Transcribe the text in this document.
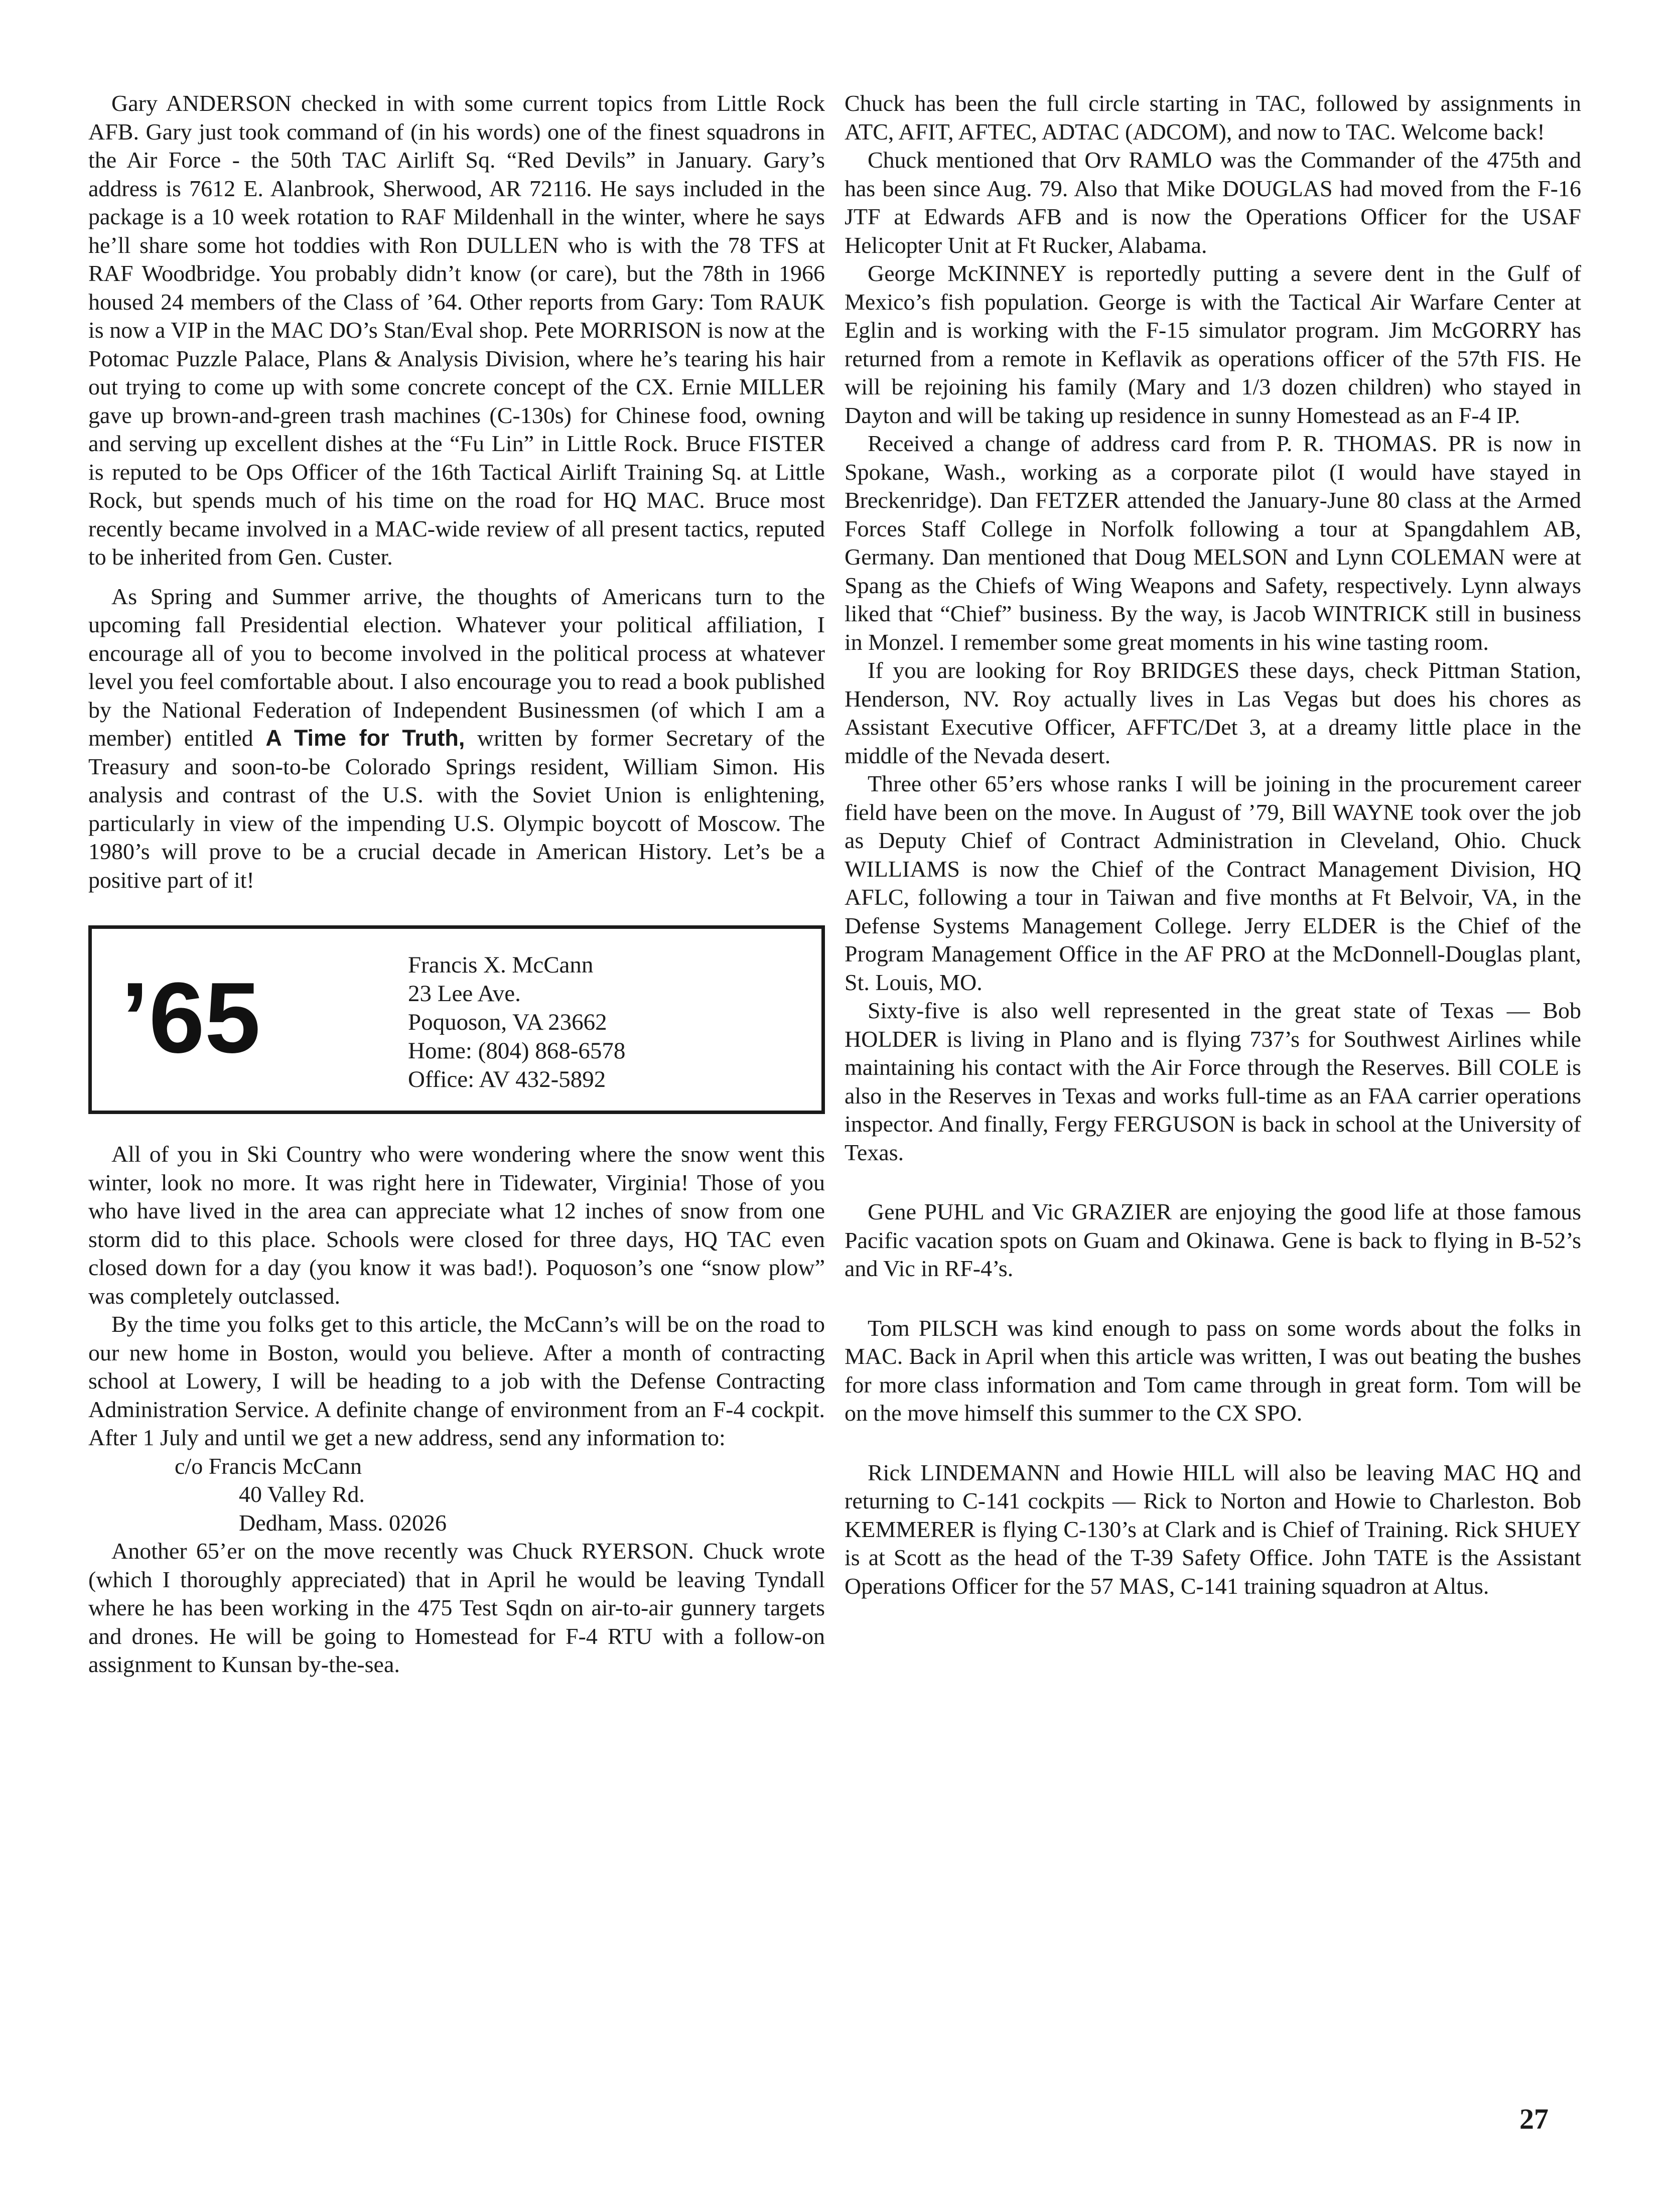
Gary ANDERSON checked in with some current topics from Little Rock AFB. Gary just took command of (in his words) one of the finest squadrons in the Air Force - the 50th TAC Airlift Sq. “Red Devils” in January. Gary’s address is 7612 E. Alanbrook, Sherwood, AR 72116. He says included in the package is a 10 week rotation to RAF Mildenhall in the winter, where he says he’ll share some hot toddies with Ron DULLEN who is with the 78 TFS at RAF Woodbridge. You probably didn’t know (or care), but the 78th in 1966 housed 24 members of the Class of ’64. Other reports from Gary: Tom RAUK is now a VIP in the MAC DO’s Stan/Eval shop. Pete MORRISON is now at the Potomac Puzzle Palace, Plans & Analysis Division, where he’s tearing his hair out trying to come up with some concrete concept of the CX. Ernie MILLER gave up brown-and-green trash machines (C-130s) for Chinese food, owning and serving up excellent dishes at the “Fu Lin” in Little Rock. Bruce FISTER is reputed to be Ops Officer of the 16th Tactical Airlift Training Sq. at Little Rock, but spends much of his time on the road for HQ MAC. Bruce most recently became involved in a MAC-wide review of all present tactics, reputed to be inherited from Gen. Custer.

As Spring and Summer arrive, the thoughts of Americans turn to the upcoming fall Presidential election. Whatever your political affiliation, I encourage all of you to become involved in the political process at whatever level you feel comfortable about. I also encourage you to read a book published by the National Federation of Independent Businessmen (of which I am a member) entitled A Time for Truth, written by former Secretary of the Treasury and soon-to-be Colorado Springs resident, William Simon. His analysis and contrast of the U.S. with the Soviet Union is enlightening, particularly in view of the impending U.S. Olympic boycott of Moscow. The 1980’s will prove to be a crucial decade in American History. Let’s be a positive part of it!

’65	Francis X. McCann
23 Lee Ave.
Poquoson, VA 23662
Home: (804) 868-6578
Office: AV 432-5892

All of you in Ski Country who were wondering where the snow went this winter, look no more. It was right here in Tidewater, Virginia! Those of you who have lived in the area can appreciate what 12 inches of snow from one storm did to this place. Schools were closed for three days, HQ TAC even closed down for a day (you know it was bad!). Poquoson’s one “snow plow” was completely outclassed.

By the time you folks get to this article, the McCann’s will be on the road to our new home in Boston, would you believe. After a month of contracting school at Lowery, I will be heading to a job with the Defense Contracting Administration Service. A definite change of environment from an F-4 cockpit. After 1 July and until we get a new address, send any information to:

c/o Francis McCann
40 Valley Rd.
Dedham, Mass. 02026

Another 65’er on the move recently was Chuck RYERSON. Chuck wrote (which I thoroughly appreciated) that in April he would be leaving Tyndall where he has been working in the 475 Test Sqdn on air-to-air gunnery targets and drones. He will be going to Homestead for F-4 RTU with a follow-on assignment to Kunsan by-the-sea.

Chuck has been the full circle starting in TAC, followed by assignments in ATC, AFIT, AFTEC, ADTAC (ADCOM), and now to TAC. Welcome back!

Chuck mentioned that Orv RAMLO was the Commander of the 475th and has been since Aug. 79. Also that Mike DOUGLAS had moved from the F-16 JTF at Edwards AFB and is now the Operations Officer for the USAF Helicopter Unit at Ft Rucker, Alabama.

George McKINNEY is reportedly putting a severe dent in the Gulf of Mexico’s fish population. George is with the Tactical Air Warfare Center at Eglin and is working with the F-15 simulator program. Jim McGORRY has returned from a remote in Keflavik as operations officer of the 57th FIS. He will be rejoining his family (Mary and 1/3 dozen children) who stayed in Dayton and will be taking up residence in sunny Homestead as an F-4 IP.

Received a change of address card from P. R. THOMAS. PR is now in Spokane, Wash., working as a corporate pilot (I would have stayed in Breckenridge). Dan FETZER attended the January-June 80 class at the Armed Forces Staff College in Norfolk following a tour at Spangdahlem AB, Germany. Dan mentioned that Doug MELSON and Lynn COLEMAN were at Spang as the Chiefs of Wing Weapons and Safety, respectively. Lynn always liked that “Chief” business. By the way, is Jacob WINTRICK still in business in Monzel. I remember some great moments in his wine tasting room.

If you are looking for Roy BRIDGES these days, check Pittman Station, Henderson, NV. Roy actually lives in Las Vegas but does his chores as Assistant Executive Officer, AFFTC/Det 3, at a dreamy little place in the middle of the Nevada desert.

Three other 65’ers whose ranks I will be joining in the procurement career field have been on the move. In August of ’79, Bill WAYNE took over the job as Deputy Chief of Contract Administration in Cleveland, Ohio. Chuck WILLIAMS is now the Chief of the Contract Management Division, HQ AFLC, following a tour in Taiwan and five months at Ft Belvoir, VA, in the Defense Systems Management College. Jerry ELDER is the Chief of the Program Management Office in the AF PRO at the McDonnell-Douglas plant, St. Louis, MO.

Sixty-five is also well represented in the great state of Texas — Bob HOLDER is living in Plano and is flying 737’s for Southwest Airlines while maintaining his contact with the Air Force through the Reserves. Bill COLE is also in the Reserves in Texas and works full-time as an FAA carrier operations inspector. And finally, Fergy FERGUSON is back in school at the University of Texas.

Gene PUHL and Vic GRAZIER are enjoying the good life at those famous Pacific vacation spots on Guam and Okinawa. Gene is back to flying in B-52’s and Vic in RF-4’s.

Tom PILSCH was kind enough to pass on some words about the folks in MAC. Back in April when this article was written, I was out beating the bushes for more class information and Tom came through in great form. Tom will be on the move himself this summer to the CX SPO.

Rick LINDEMANN and Howie HILL will also be leaving MAC HQ and returning to C-141 cockpits — Rick to Norton and Howie to Charleston. Bob KEMMERER is flying C-130’s at Clark and is Chief of Training. Rick SHUEY is at Scott as the head of the T-39 Safety Office. John TATE is the Assistant Operations Officer for the 57 MAS, C-141 training squadron at Altus.

27
